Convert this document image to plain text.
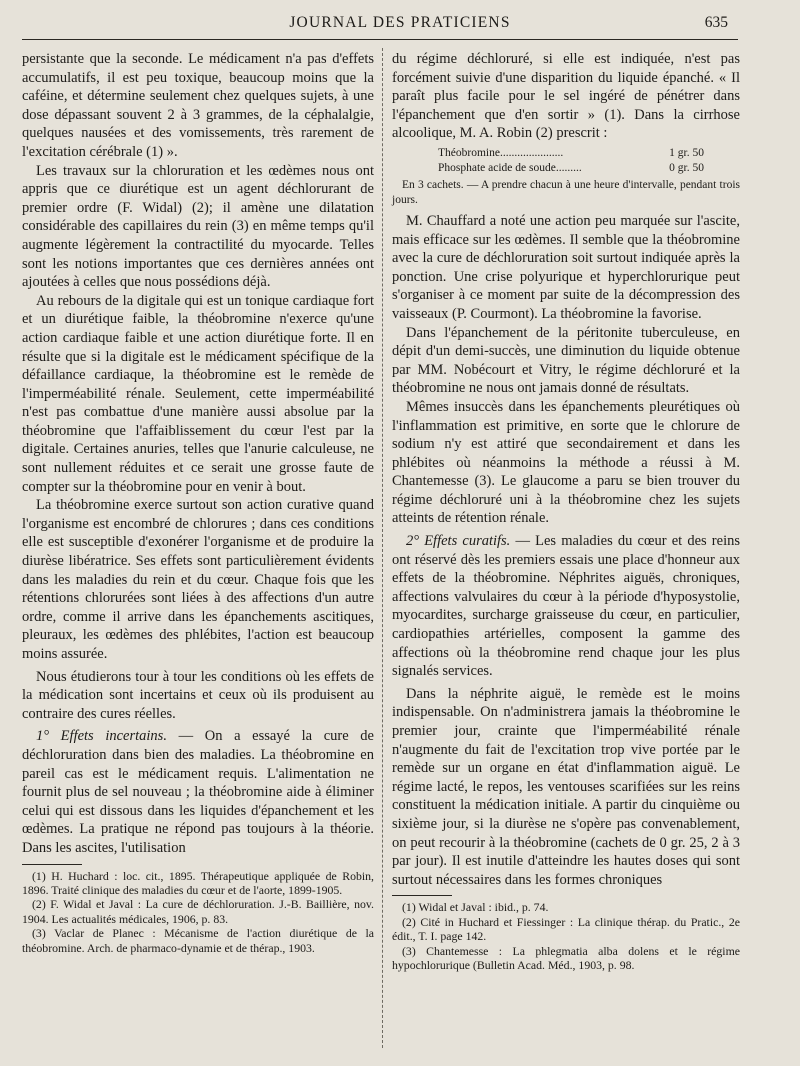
JOURNAL DES PRATICIENS	635

persistante que la seconde. Le médicament n'a pas d'effets accumulatifs, il est peu toxique, beaucoup moins que la caféine, et détermine seulement chez quelques sujets, à une dose dépassant souvent 2 à 3 grammes, de la céphalalgie, quelques nausées et des vomissements, très rarement de l'excitation cérébrale (1) ».

Les travaux sur la chloruration et les œdèmes nous ont appris que ce diurétique est un agent déchlorurant de premier ordre (F. Widal) (2); il amène une dilatation considérable des capillaires du rein (3) en même temps qu'il augmente légèrement la contractilité du myocarde. Telles sont les notions importantes que ces dernières années ont ajoutées à celles que nous possédions déjà.

Au rebours de la digitale qui est un tonique cardiaque fort et un diurétique faible, la théobromine n'exerce qu'une action cardiaque faible et une action diurétique forte. Il en résulte que si la digitale est le médicament spécifique de la défaillance cardiaque, la théobromine est le remède de l'imperméabilité rénale. Seulement, cette imperméabilité n'est pas combattue d'une manière aussi absolue par la théobromine que l'affaiblissement du cœur l'est par la digitale. Certaines anuries, telles que l'anurie calculeuse, ne sont nullement réduites et ce serait une grosse faute de compter sur la théobromine pour en venir à bout.

La théobromine exerce surtout son action curative quand l'organisme est encombré de chlorures ; dans ces conditions elle est susceptible d'exonérer l'organisme et de produire la diurèse libératrice. Ses effets sont particulièrement évidents dans les maladies du rein et du cœur. Chaque fois que les rétentions chlorurées sont liées à des affections d'un autre ordre, comme il arrive dans les épanchements ascitiques, pleuraux, les œdèmes des phlébites, l'action est beaucoup moins assurée.

Nous étudierons tour à tour les conditions où les effets de la médication sont incertains et ceux où ils produisent au contraire des cures réelles.

1° Effets incertains. — On a essayé la cure de déchloruration dans bien des maladies. La théobromine en pareil cas est le médicament requis. L'alimentation ne fournit plus de sel nouveau ; la théobromine aide à éliminer celui qui est dissous dans les liquides d'épanchement et les œdèmes. La pratique ne répond pas toujours à la théorie. Dans les ascites, l'utilisation

(1) H. Huchard : loc. cit., 1895. Thérapeutique appliquée de Robin, 1896. Traité clinique des maladies du cœur et de l'aorte, 1899-1905.

(2) F. Widal et Javal : La cure de déchloruration. J.-B. Baillière, nov. 1904. Les actualités médicales, 1906, p. 83.

(3) Vaclar de Planec : Mécanisme de l'action diurétique de la théobromine. Arch. de pharmaco-dynamie et de thérap., 1903.

du régime déchloruré, si elle est indiquée, n'est pas forcément suivie d'une disparition du liquide épanché. « Il paraît plus facile pour le sel ingéré de pénétrer dans l'épanchement que d'en sortir » (1). Dans la cirrhose alcoolique, M. A. Robin (2) prescrit :

Théobromine......................	1 gr. 50
Phosphate acide de soude.........	0 gr. 50
En 3 cachets. — A prendre chacun à une heure d'intervalle, pendant trois jours.

M. Chauffard a noté une action peu marquée sur l'ascite, mais efficace sur les œdèmes. Il semble que la théobromine avec la cure de déchloruration soit surtout indiquée après la ponction. Une crise polyurique et hyperchlorurique peut s'organiser à ce moment par suite de la décompression des vaisseaux (P. Courmont). La théobromine la favorise.

Dans l'épanchement de la péritonite tuberculeuse, en dépit d'un demi-succès, une diminution du liquide obtenue par MM. Nobécourt et Vitry, le régime déchloruré et la théobromine ne nous ont jamais donné de résultats.

Mêmes insuccès dans les épanchements pleurétiques où l'inflammation est primitive, en sorte que le chlorure de sodium n'y est attiré que secondairement et dans les phlébites où néanmoins la méthode a réussi à M. Chantemesse (3). Le glaucome a paru se bien trouver du régime déchloruré uni à la théobromine chez les sujets atteints de rétention rénale.

2° Effets curatifs. — Les maladies du cœur et des reins ont réservé dès les premiers essais une place d'honneur aux effets de la théobromine. Néphrites aiguës, chroniques, affections valvulaires du cœur à la période d'hyposystolie, myocardites, surcharge graisseuse du cœur, en particulier, cardiopathies artérielles, composent la gamme des affections où la théobromine rend chaque jour les plus signalés services.

Dans la néphrite aiguë, le remède est le moins indispensable. On n'administrera jamais la théobromine le premier jour, crainte que l'imperméabilité rénale n'augmente du fait de l'excitation trop vive portée par le remède sur un organe en état d'inflammation aiguë. Le régime lacté, le repos, les ventouses scarifiées sur les reins constituent la médication initiale. A partir du cinquième ou sixième jour, si la diurèse ne s'opère pas convenablement, on peut recourir à la théobromine (cachets de 0 gr. 25, 2 à 3 par jour). Il est inutile d'atteindre les hautes doses qui sont surtout nécessaires dans les formes chroniques

(1) Widal et Javal : ibid., p. 74.

(2) Cité in Huchard et Fiessinger : La clinique thérap. du Pratic., 2e édit., T. I. page 142.

(3) Chantemesse : La phlegmatia alba dolens et le régime hypochlorurique (Bulletin Acad. Méd., 1903, p. 98.
